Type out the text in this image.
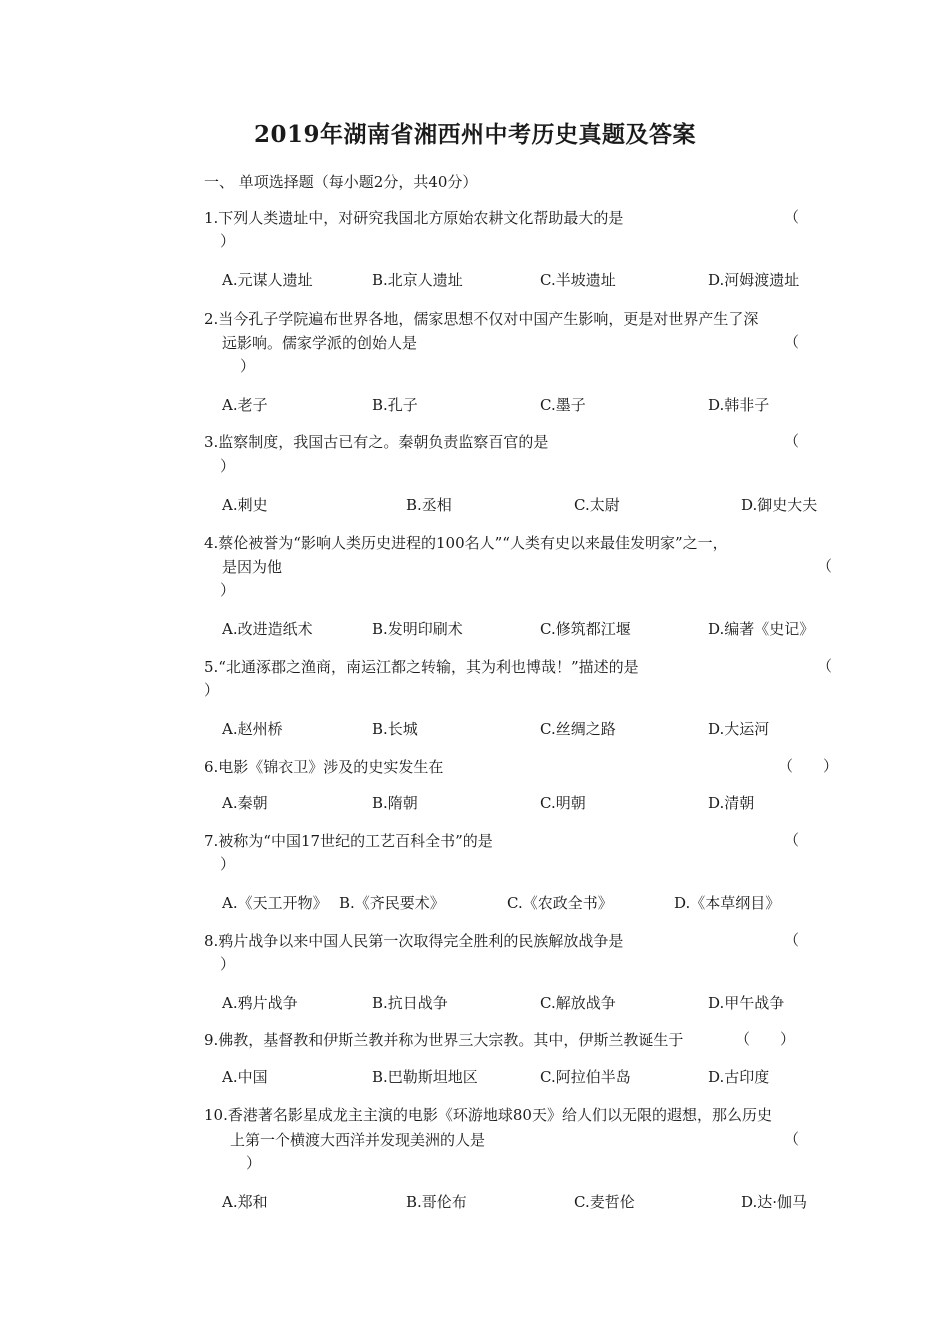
2019年湖南省湘西州中考历史真题及答案
一、 单项选择题（每小题2分，共40分）
1.下列人类遗址中，对研究我国北方原始农耕文化帮助最大的是	（
）
A.元谋人遗址	B.北京人遗址	C.半坡遗址	D.河姆渡遗址
2.当今孔子学院遍布世界各地，儒家思想不仅对中国产生影响，更是对世界产生了深
远影响。儒家学派的创始人是	（
）
A.老子	B.孔子	C.墨子	D.韩非子
3.监察制度，我国古已有之。秦朝负责监察百官的是	（
）
A.刺史	B.丞相	C.太尉	D.御史大夫
4.蔡伦被誉为“影响人类历史进程的100名人”“人类有史以来最佳发明家”之一，
是因为他	（
）
A.改进造纸术	B.发明印刷术	C.修筑都江堰	D.编著《史记》
5.“北通涿郡之渔商，南运江都之转输，其为利也博哉！”描述的是	（
）
A.赵州桥	B.长城	C.丝绸之路	D.大运河
6.电影《锦衣卫》涉及的史实发生在	（　　）
A.秦朝	B.隋朝	C.明朝	D.清朝
7.被称为“中国17世纪的工艺百科全书”的是	（
）
A.《天工开物》 B.《齐民要术》	C.《农政全书》	D.《本草纲目》
8.鸦片战争以来中国人民第一次取得完全胜利的民族解放战争是	（
）
A.鸦片战争	B.抗日战争	C.解放战争	D.甲午战争
9.佛教，基督教和伊斯兰教并称为世界三大宗教。其中，伊斯兰教诞生于	（　　）
A.中国	B.巴勒斯坦地区	C.阿拉伯半岛	D.古印度
10.香港著名影星成龙主主演的电影《环游地球80天》给人们以无限的遐想，那么历史
上第一个横渡大西洋并发现美洲的人是	（
）
A.郑和	B.哥伦布	C.麦哲伦	D.达·伽马
